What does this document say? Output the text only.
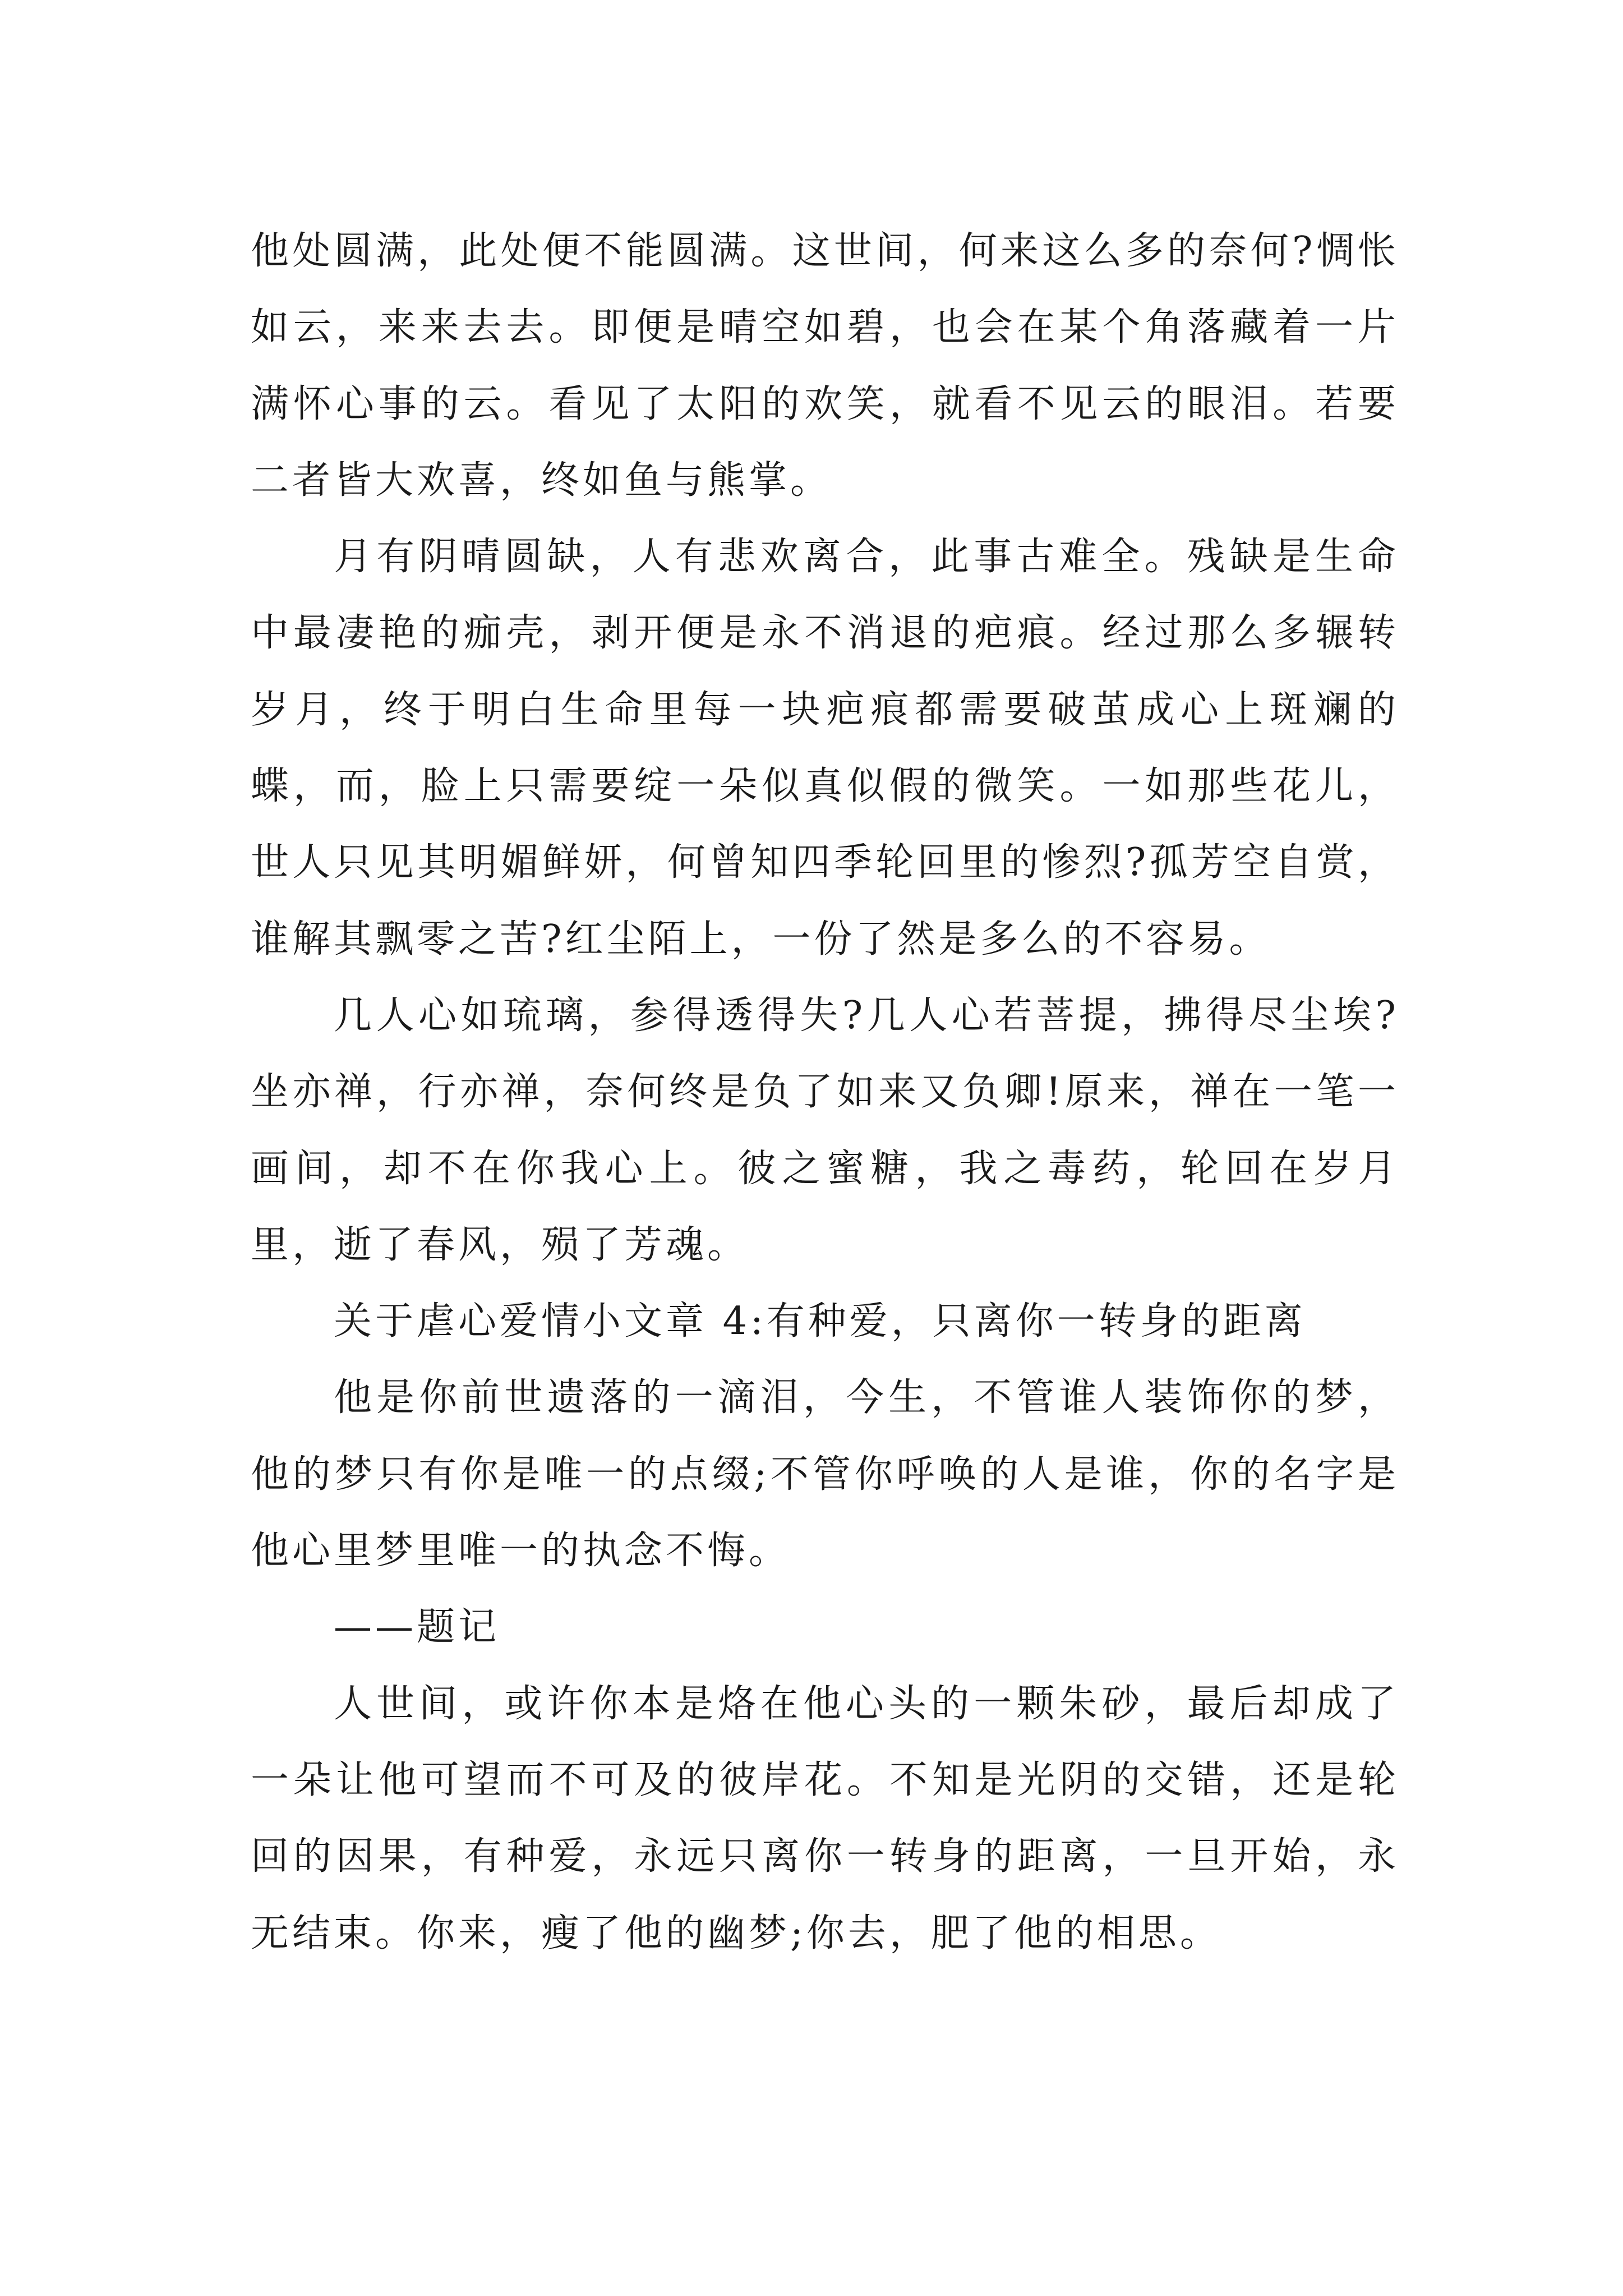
他处圆满，此处便不能圆满。这世间，何来这么多的奈何?惆怅如云，来来去去。即便是晴空如碧，也会在某个角落藏着一片满怀心事的云。看见了太阳的欢笑，就看不见云的眼泪。若要二者皆大欢喜，终如鱼与熊掌。

月有阴晴圆缺，人有悲欢离合，此事古难全。残缺是生命中最凄艳的痂壳，剥开便是永不消退的疤痕。经过那么多辗转岁月，终于明白生命里每一块疤痕都需要破茧成心上斑斓的蝶，而，脸上只需要绽一朵似真似假的微笑。一如那些花儿，世人只见其明媚鲜妍，何曾知四季轮回里的惨烈?孤芳空自赏，谁解其飘零之苦?红尘陌上，一份了然是多么的不容易。

几人心如琉璃，参得透得失?几人心若菩提，拂得尽尘埃?坐亦禅，行亦禅，奈何终是负了如来又负卿!原来，禅在一笔一画间，却不在你我心上。彼之蜜糖，我之毒药，轮回在岁月里，逝了春风，殒了芳魂。

关于虐心爱情小文章 4:有种爱，只离你一转身的距离

他是你前世遗落的一滴泪，今生，不管谁人装饰你的梦，他的梦只有你是唯一的点缀;不管你呼唤的人是谁，你的名字是他心里梦里唯一的执念不悔。

——题记

人世间，或许你本是烙在他心头的一颗朱砂，最后却成了一朵让他可望而不可及的彼岸花。不知是光阴的交错，还是轮回的因果，有种爱，永远只离你一转身的距离，一旦开始，永无结束。你来，瘦了他的幽梦;你去，肥了他的相思。
